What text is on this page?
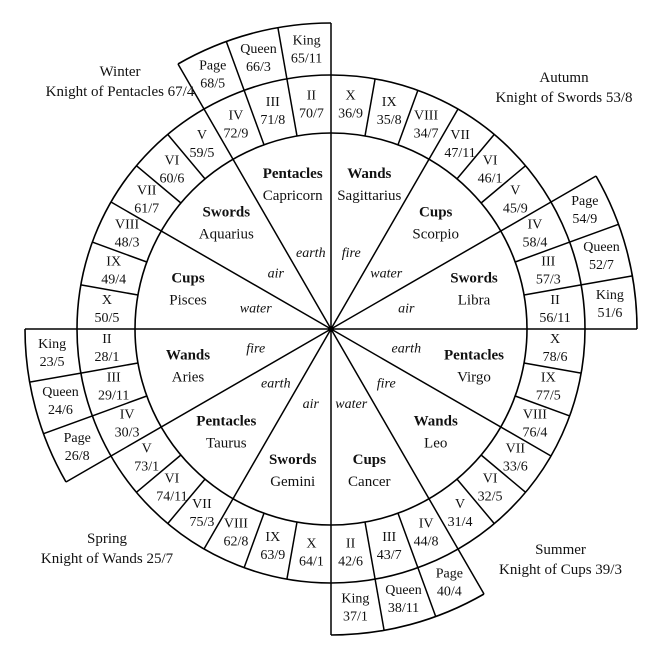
Page
68/5
Queen
66/3
King
65/11
Page
54/9
Queen
52/7
King
51/6
Page
40/4
Queen
38/11
King
37/1
Page
26/8
Queen
24/6
King
23/5
X
36/9
IX
35/8 VIII
34/7 VII
47/11 VI
46/1
V
45/9
IV
58/4
III
57/3
II
56/11
X
78/6
IX
77/5
VIII
76/4
VII
33/6
VI
32/5
V
31/4
IV
44/8
III
43/7
II
42/6
X
64/1
IX
63/9
VIII
62/8
VII
75/3
VI
74/11
V
73/1
IV
30/3
III
29/11
II
28/1
X
50/5
IX
49/4
VIII
48/3
VII
61/7
VI
60/6
V
59/5
IV
72/9
III
71/8
II
70/7
Wands
Sagittarius
fire
Cups
Scorpio
water	Swords
Libra
air
Pentacles
Virgo
earth
Wands
Leo
fire
Cups
Cancer
water
Swords
Gemini
air
Pentacles
Taurus
earth
Wands
Aries
fire
Cups
Pisces
water
Swords
Aquarius
air
Pentacles
Capricorn
earth
Winter
Knight of Pentacles 67/4
Autumn
Knight of Swords 53/8
Spring
Knight of Wands 25/7
Summer
Knight of Cups 39/3
